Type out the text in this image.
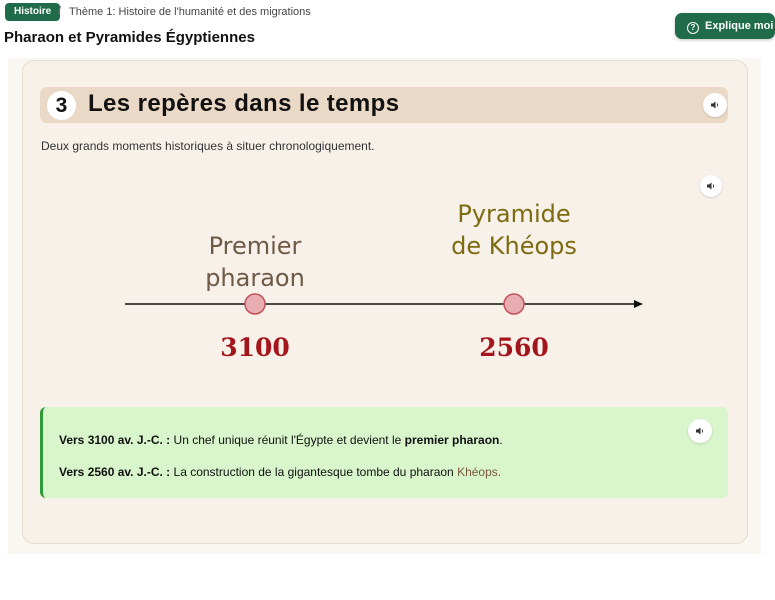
Histoire / Thème 1: Histoire de l'humanité et des migrations
Pharaon et Pyramides Égyptiennes
? Explique moi
3 Les repères dans le temps

Deux grands moments historiques à situer chronologiquement.

Premier pharaon
Pyramide
de Khéops
3100	2560

Vers 3100 av. J.-C. : Un chef unique réunit l'Égypte et devient le premier pharaon.

Vers 2560 av. J.-C. : La construction de la gigantesque tombe du pharaon Khéops.
